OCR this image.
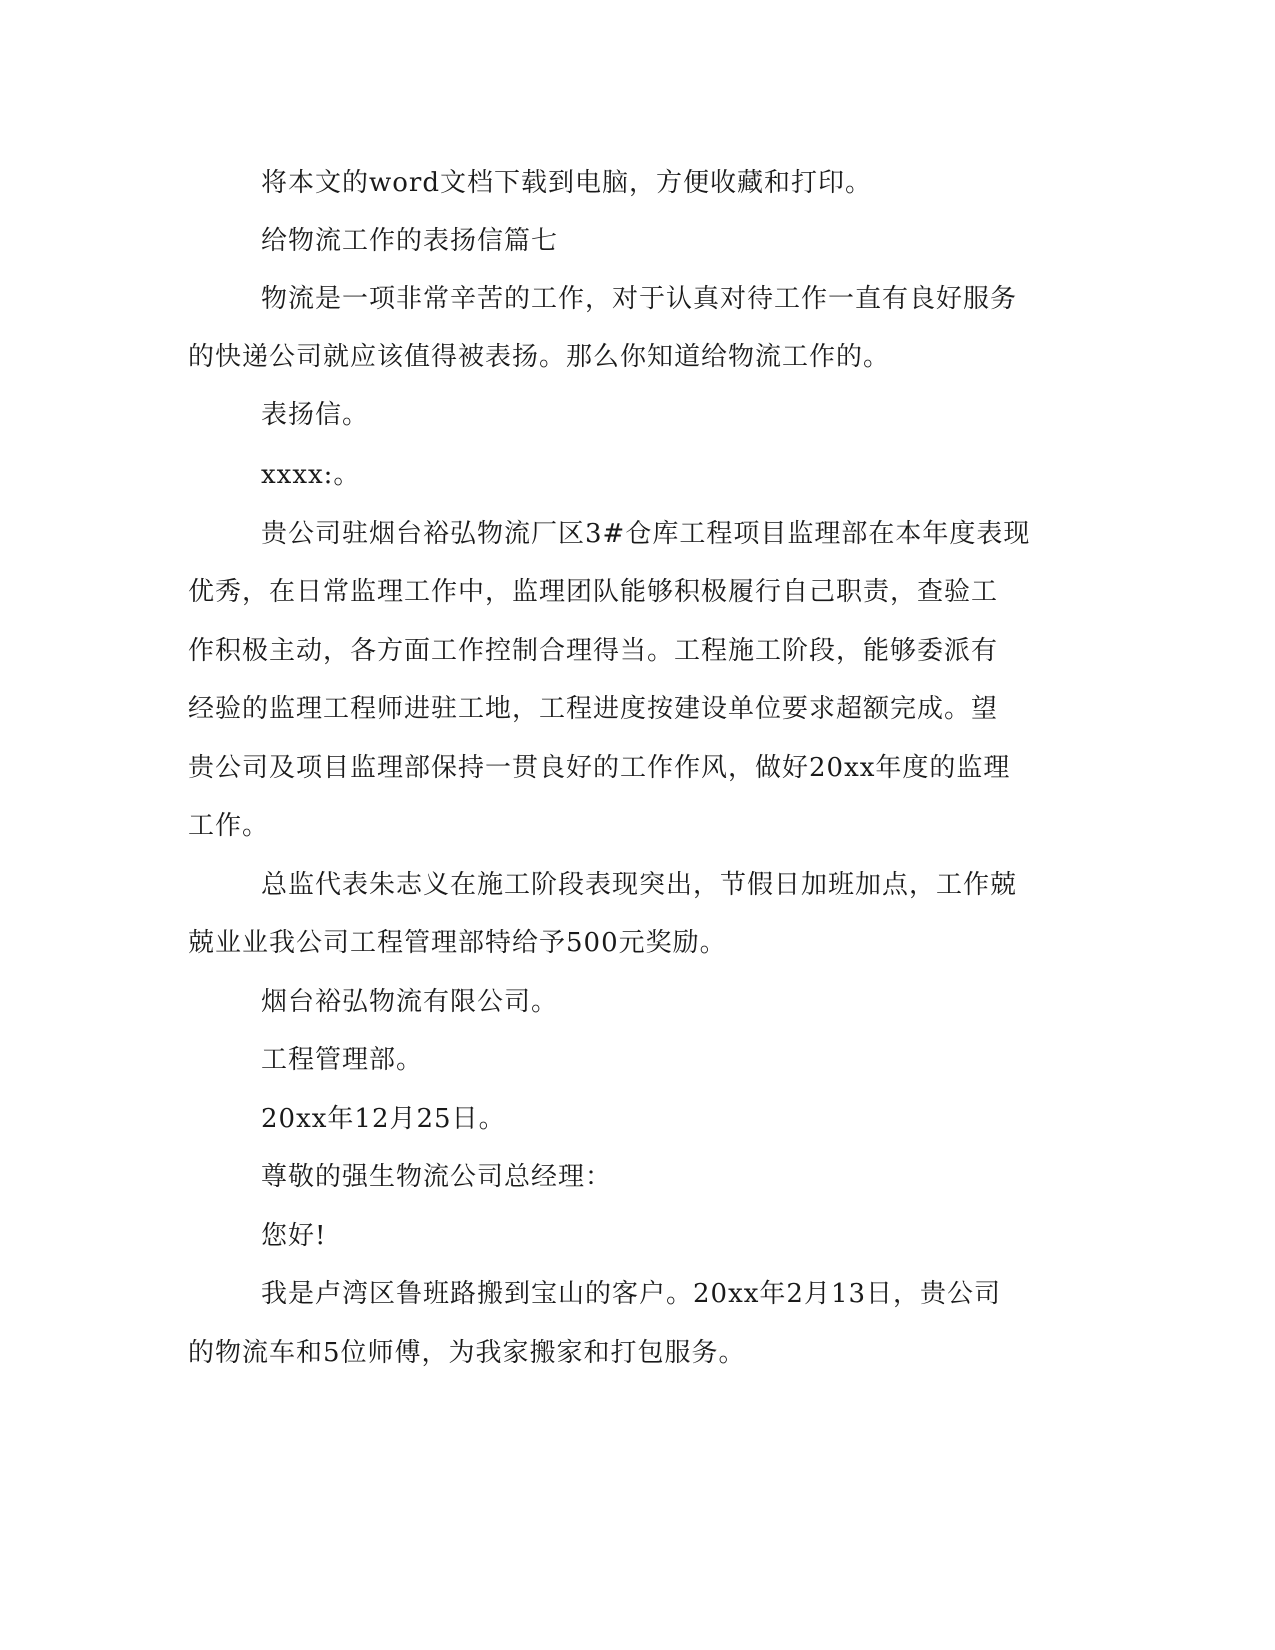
将本文的word文档下载到电脑，方便收藏和打印。

给物流工作的表扬信篇七

物流是一项非常辛苦的工作，对于认真对待工作一直有良好服务

的快递公司就应该值得被表扬。那么你知道给物流工作的。

表扬信。

xxxx:。

贵公司驻烟台裕弘物流厂区3#仓库工程项目监理部在本年度表现

优秀，在日常监理工作中，监理团队能够积极履行自己职责，查验工

作积极主动，各方面工作控制合理得当。工程施工阶段，能够委派有

经验的监理工程师进驻工地，工程进度按建设单位要求超额完成。望

贵公司及项目监理部保持一贯良好的工作作风，做好20xx年度的监理

工作。

总监代表朱志义在施工阶段表现突出，节假日加班加点，工作兢

兢业业我公司工程管理部特给予500元奖励。

烟台裕弘物流有限公司。

工程管理部。

20xx年12月25日。

尊敬的强生物流公司总经理：

您好!

我是卢湾区鲁班路搬到宝山的客户。20xx年2月13日，贵公司

的物流车和5位师傅，为我家搬家和打包服务。
